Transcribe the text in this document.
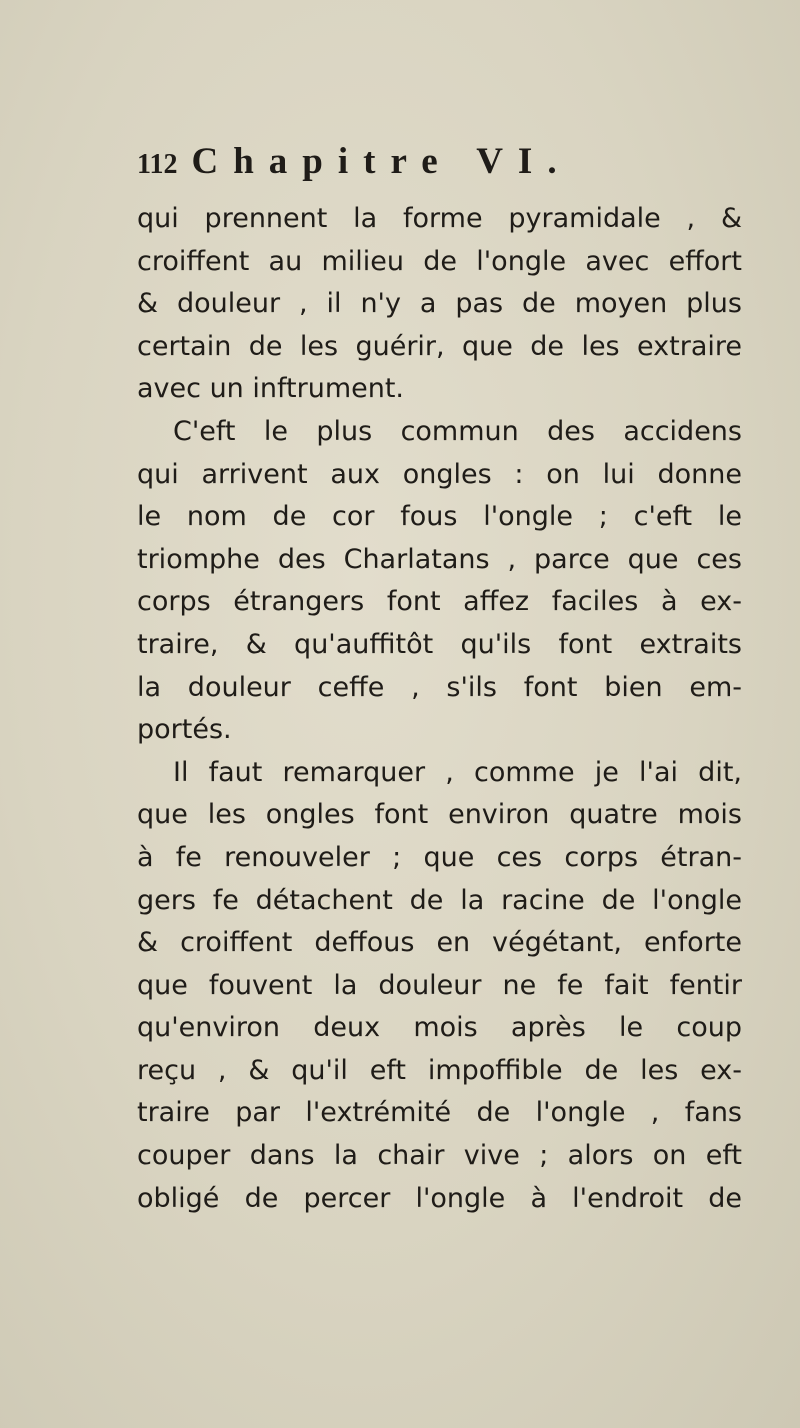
112 Chapitre VI.
qui prennent la forme pyramidale , &
croiffent au milieu de l'ongle avec effort
& douleur , il n'y a pas de moyen plus
certain de les guérir, que de les extraire
avec un inftrument.
C'eft le plus commun des accidens
qui arrivent aux ongles : on lui donne
le nom de cor fous l'ongle ; c'eft le
triomphe des Charlatans , parce que ces
corps étrangers font affez faciles à ex-
traire, & qu'auffitôt qu'ils font extraits
la douleur ceffe , s'ils font bien em-
portés.
Il faut remarquer , comme je l'ai dit,
que les ongles font environ quatre mois
à fe renouveler ; que ces corps étran-
gers fe détachent de la racine de l'ongle
& croiffent deffous en végétant, enforte
que fouvent la douleur ne fe fait fentir
qu'environ deux mois après le coup
reçu , & qu'il eft impoffible de les ex-
traire par l'extrémité de l'ongle , fans
couper dans la chair vive ; alors on eft
obligé de percer l'ongle à l'endroit de
